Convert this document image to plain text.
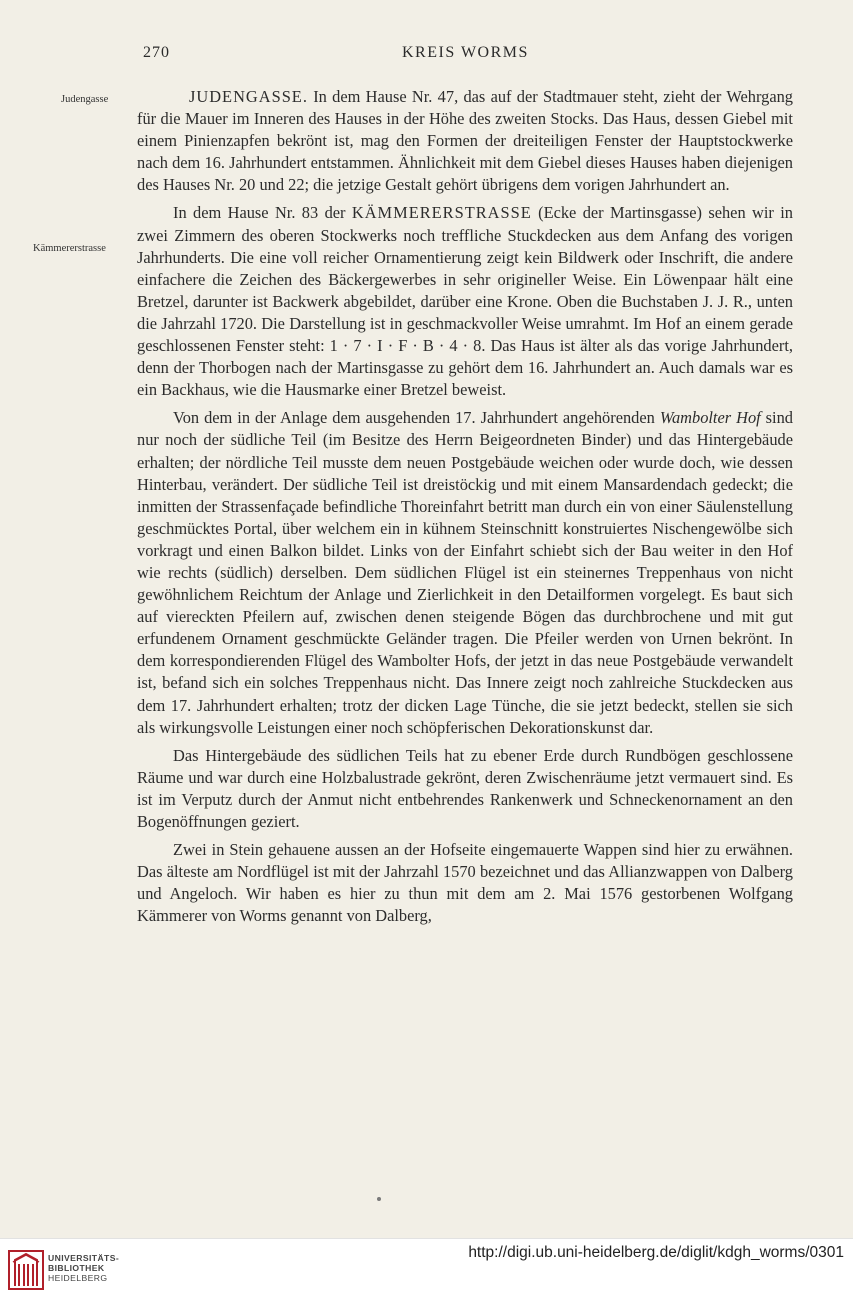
270	KREIS WORMS
Judengasse
Kämmererstrasse

JUDENGASSE. In dem Hause Nr. 47, das auf der Stadtmauer steht, zieht der Wehrgang für die Mauer im Inneren des Hauses in der Höhe des zweiten Stocks. Das Haus, dessen Giebel mit einem Pinienzapfen bekrönt ist, mag den Formen der dreiteiligen Fenster der Hauptstockwerke nach dem 16. Jahrhundert entstammen. Ähnlichkeit mit dem Giebel dieses Hauses haben diejenigen des Hauses Nr. 20 und 22; die jetzige Gestalt gehört übrigens dem vorigen Jahrhundert an.

In dem Hause Nr. 83 der KÄMMERERSTRASSE (Ecke der Martinsgasse) sehen wir in zwei Zimmern des oberen Stockwerks noch treffliche Stuckdecken aus dem Anfang des vorigen Jahrhunderts. Die eine voll reicher Ornamentierung zeigt kein Bildwerk oder Inschrift, die andere einfachere die Zeichen des Bäckergewerbes in sehr origineller Weise. Ein Löwenpaar hält eine Bretzel, darunter ist Backwerk abgebildet, darüber eine Krone. Oben die Buchstaben J. J. R., unten die Jahrzahl 1720. Die Darstellung ist in geschmackvoller Weise umrahmt. Im Hof an einem gerade geschlossenen Fenster steht: 1 · 7 · I · F · B · 4 · 8. Das Haus ist älter als das vorige Jahrhundert, denn der Thorbogen nach der Martinsgasse zu gehört dem 16. Jahrhundert an. Auch damals war es ein Backhaus, wie die Hausmarke einer Bretzel beweist.

Von dem in der Anlage dem ausgehenden 17. Jahrhundert angehörenden Wambolter Hof sind nur noch der südliche Teil (im Besitze des Herrn Beigeordneten Binder) und das Hintergebäude erhalten; der nördliche Teil musste dem neuen Postgebäude weichen oder wurde doch, wie dessen Hinterbau, verändert. Der südliche Teil ist dreistöckig und mit einem Mansardendach gedeckt; die inmitten der Strassenfaçade befindliche Thoreinfahrt betritt man durch ein von einer Säulenstellung geschmücktes Portal, über welchem ein in kühnem Steinschnitt konstruiertes Nischengewölbe sich vorkragt und einen Balkon bildet. Links von der Einfahrt schiebt sich der Bau weiter in den Hof wie rechts (südlich) derselben. Dem südlichen Flügel ist ein steinernes Treppenhaus von nicht gewöhnlichem Reichtum der Anlage und Zierlichkeit in den Detailformen vorgelegt. Es baut sich auf viereckten Pfeilern auf, zwischen denen steigende Bögen das durchbrochene und mit gut erfundenem Ornament geschmückte Geländer tragen. Die Pfeiler werden von Urnen bekrönt. In dem korrespondierenden Flügel des Wambolter Hofs, der jetzt in das neue Postgebäude verwandelt ist, befand sich ein solches Treppenhaus nicht. Das Innere zeigt noch zahlreiche Stuckdecken aus dem 17. Jahrhundert erhalten; trotz der dicken Lage Tünche, die sie jetzt bedeckt, stellen sie sich als wirkungsvolle Leistungen einer noch schöpferischen Dekorationskunst dar.

Das Hintergebäude des südlichen Teils hat zu ebener Erde durch Rundbögen geschlossene Räume und war durch eine Holzbalustrade gekrönt, deren Zwischenräume jetzt vermauert sind. Es ist im Verputz durch der Anmut nicht entbehrendes Rankenwerk und Schneckenornament an den Bogenöffnungen geziert.

Zwei in Stein gehauene aussen an der Hofseite eingemauerte Wappen sind hier zu erwähnen. Das älteste am Nordflügel ist mit der Jahrzahl 1570 bezeichnet und das Allianzwappen von Dalberg und Angeloch. Wir haben es hier zu thun mit dem am 2. Mai 1576 gestorbenen Wolfgang Kämmerer von Worms genannt von Dalberg,

UNIVERSITÄTS-
BIBLIOTHEK
HEIDELBERG
http://digi.ub.uni-heidelberg.de/diglit/kdgh_worms/0301
